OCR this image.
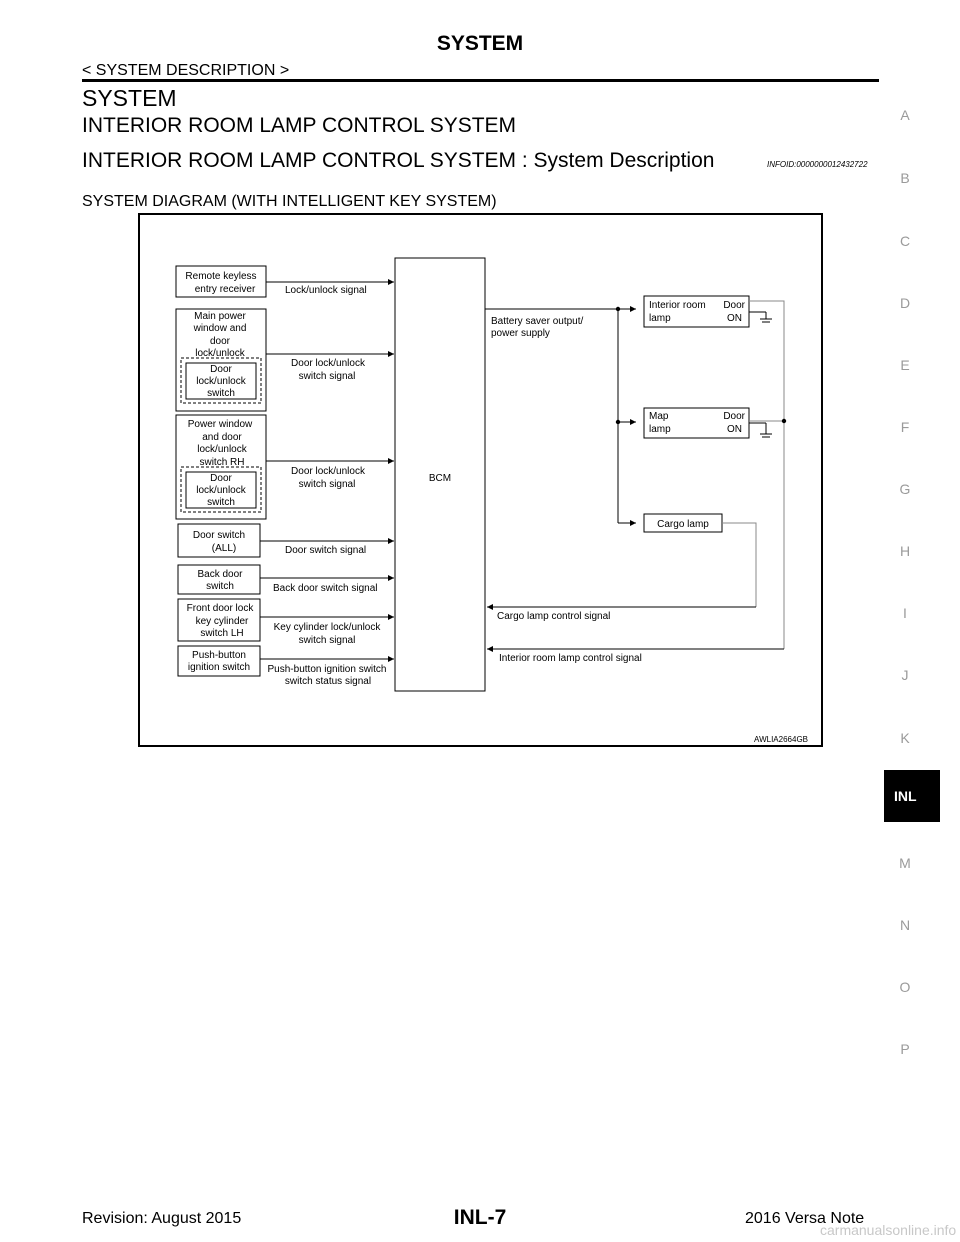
SYSTEM
< SYSTEM DESCRIPTION >
SYSTEM
INTERIOR ROOM LAMP CONTROL SYSTEM
INTERIOR ROOM LAMP CONTROL SYSTEM : System Description	INFOID:0000000012432722
SYSTEM DIAGRAM (WITH INTELLIGENT KEY SYSTEM)
A
B
C
D
E
F
G
H
I
J
K
INL
M
N
O
P
Remote keyless entry receiver
Main power window and door lock/unlock
Door lock/unlock switch
Power window and door lock/unlock switch RH
Door lock/unlock switch
Door switch (ALL)
Back door switch
Front door lock key cylinder switch LH
Push-button ignition switch
BCM
Lock/unlock signal
Door lock/unlock switch signal
Door lock/unlock switch signal
Door switch signal
Back door switch signal
Key cylinder lock/unlock switch signal
Push-button ignition switch switch status signal
Battery saver output/ power supply
Interior room lamp
Door ON
Map lamp
Door ON
Cargo lamp
Interior room lamp control signal
Cargo lamp control signal
AWLIA2664GB
Revision: August 2015	INL-7	2016 Versa Note
carmanualsonline.info
